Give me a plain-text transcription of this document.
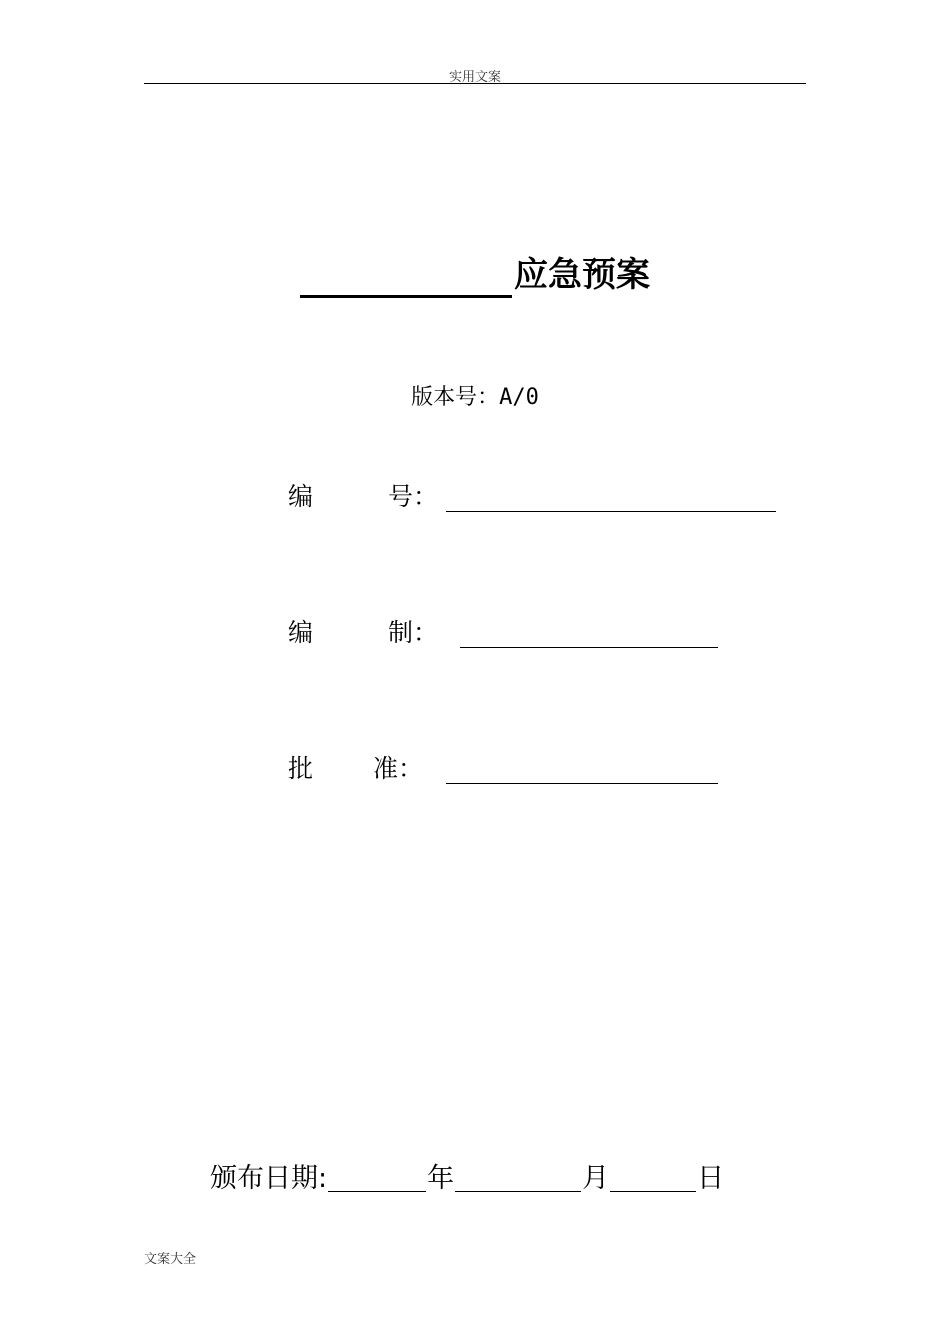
实用文案
应急预案
版本号：A/0
编	号：
编	制：
批 准：
颁布日期:	年	月	日
文案大全
